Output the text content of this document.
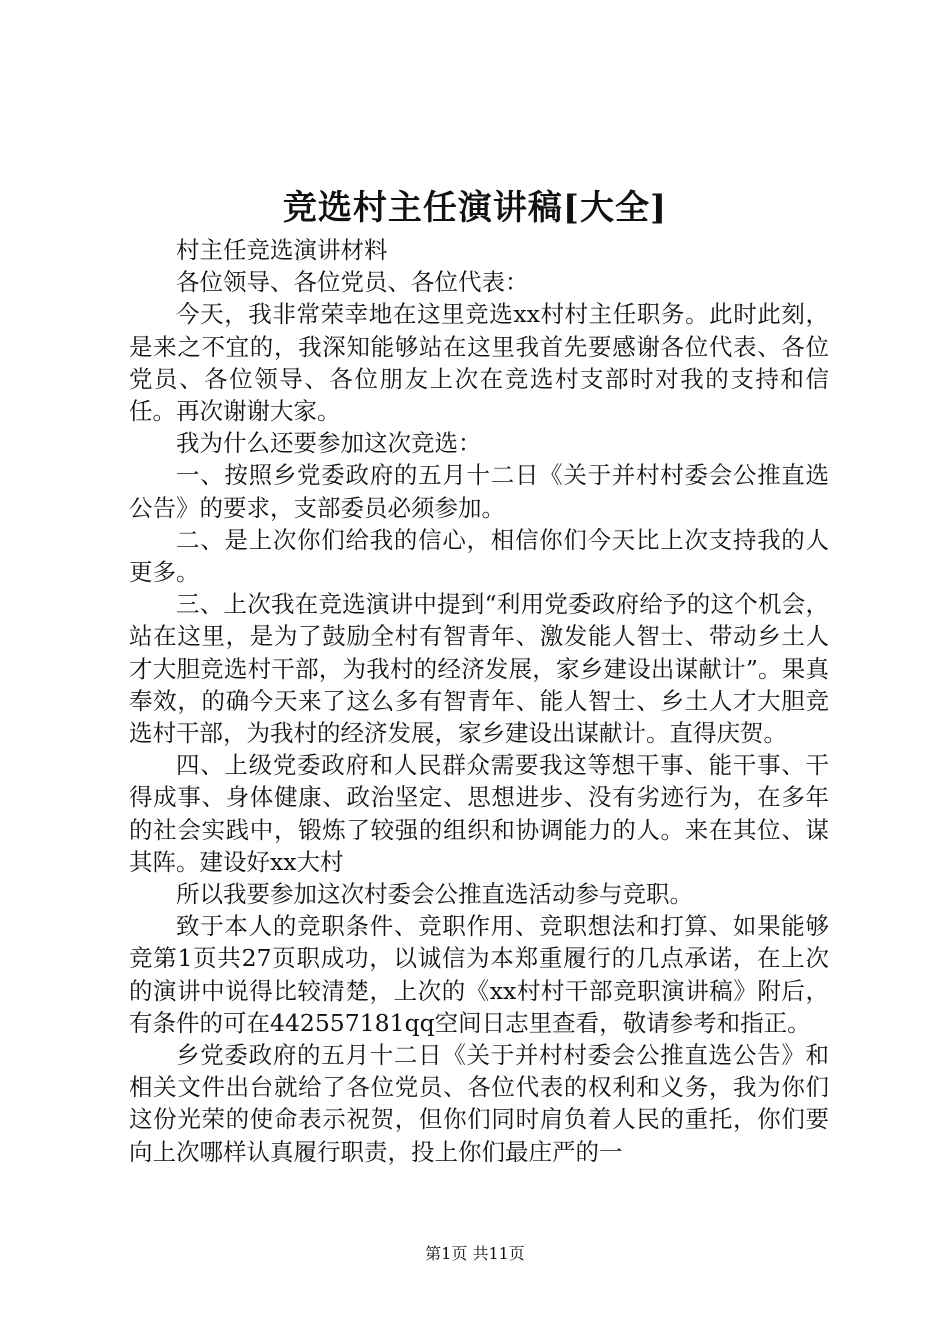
竞选村主任演讲稿[大全]

村主任竞选演讲材料

各位领导、各位党员、各位代表：

今天，我非常荣幸地在这里竞选xx村村主任职务。此时此刻，是来之不宜的，我深知能够站在这里我首先要感谢各位代表、各位党员、各位领导、各位朋友上次在竞选村支部时对我的支持和信任。再次谢谢大家。

我为什么还要参加这次竞选：

一、按照乡党委政府的五月十二日《关于并村村委会公推直选公告》的要求，支部委员必须参加。

二、是上次你们给我的信心，相信你们今天比上次支持我的人更多。

三、上次我在竞选演讲中提到“利用党委政府给予的这个机会，站在这里，是为了鼓励全村有智青年、激发能人智士、带动乡土人才大胆竞选村干部，为我村的经济发展，家乡建设出谋献计”。果真奉效，的确今天来了这么多有智青年、能人智士、乡土人才大胆竞选村干部，为我村的经济发展，家乡建设出谋献计。直得庆贺。

四、上级党委政府和人民群众需要我这等想干事、能干事、干得成事、身体健康、政治坚定、思想进步、没有劣迹行为，在多年的社会实践中，锻炼了较强的组织和协调能力的人。来在其位、谋其阵。建设好xx大村

所以我要参加这次村委会公推直选活动参与竞职。

致于本人的竞职条件、竞职作用、竞职想法和打算、如果能够竞第1页共27页职成功，以诚信为本郑重履行的几点承诺，在上次的演讲中说得比较清楚，上次的《xx村村干部竞职演讲稿》附后，有条件的可在442557181qq空间日志里查看，敬请参考和指正。

乡党委政府的五月十二日《关于并村村委会公推直选公告》和相关文件出台就给了各位党员、各位代表的权利和义务，我为你们这份光荣的使命表示祝贺，但你们同时肩负着人民的重托，你们要向上次哪样认真履行职责，投上你们最庄严的一

第1页 共11页
